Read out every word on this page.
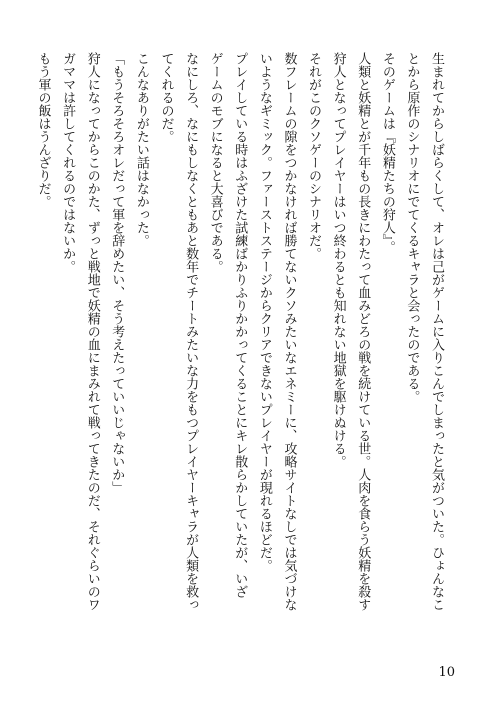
生まれてからしばらくして、オレは己がゲームに入りこんでしまったと気がついた。ひょんなこ

とから原作のシナリオにでてくるキャラと会ったのである。

そのゲームは『妖精たちの狩人』。

人類と妖精とが千年もの長きにわたって血みどろの戦を続けている世。人肉を食らう妖精を殺す

狩人となってプレイヤーはいつ終わるとも知れない地獄を駆けぬける。

それがこのクソゲーのシナリオだ。

数フレームの隙をつかなければ勝てないクソみたいなエネミーに、攻略サイトなしでは気づけな

いようなギミック。ファーストステージからクリアできないプレイヤーが現れるほどだ。

プレイしている時はふざけた試練ばかりふりかかってくることにキレ散らかしていたが、いざ

ゲームのモブになると大喜びである。

なにしろ、なにもしなくともあと数年でチートみたいな力をもつプレイヤーキャラが人類を救っ

てくれるのだ。

こんなありがたい話はなかった。

「もうそろそろオレだって軍を辞めたい、そう考えたっていいじゃないか」

狩人になってからこのかた、ずっと戦地で妖精の血にまみれて戦ってきたのだ、それぐらいのワ

ガママは許してくれるのではないか。

もう軍の飯はうんざりだ。

10
